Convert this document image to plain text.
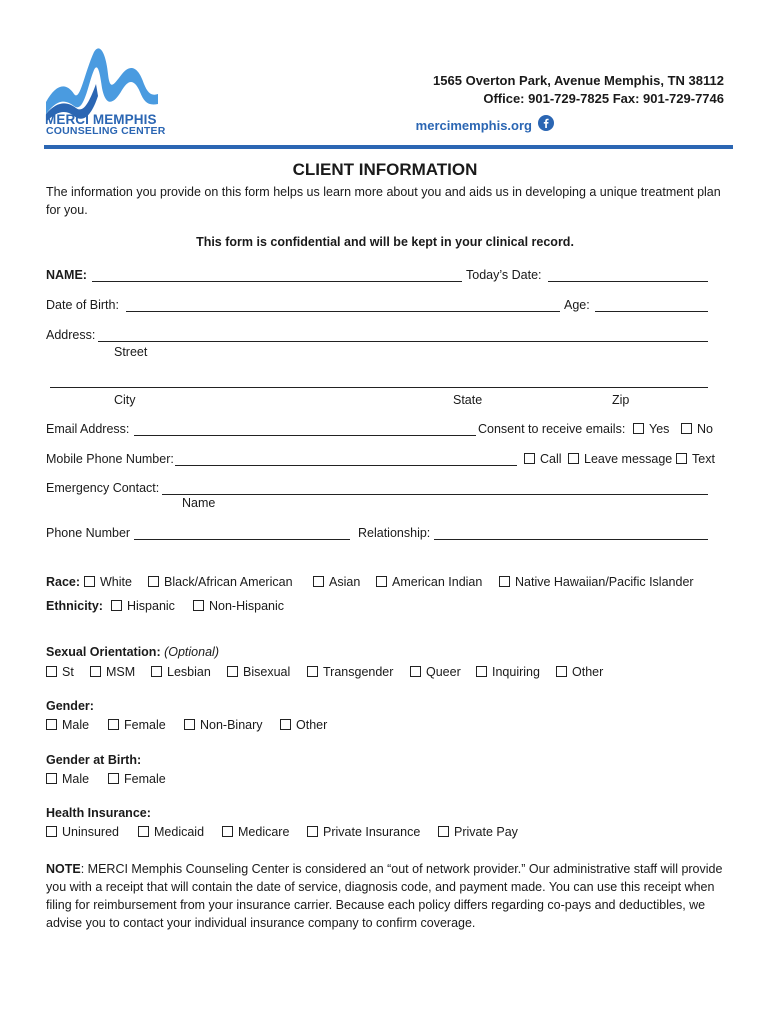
MERCI MEMPHIS
COUNSELING CENTER
1565 Overton Park, Avenue Memphis, TN 38112
Office: 901-729-7825 Fax: 901-729-7746
mercimemphis.org
CLIENT INFORMATION
The information you provide on this form helps us learn more about you and aids us in developing a unique treatment plan for you.
This form is confidential and will be kept in your clinical record.
NAME:	Today’s Date:
Date of Birth:	Age:
Address:
Street
City	State	Zip
Email Address:	Consent to receive emails:	Yes	No
Mobile Phone Number:	Call	Leave message	Text
Emergency Contact:
Name
Phone Number	Relationship:
Race:	White	Black/African American	Asian	American Indian	Native Hawaiian/Pacific Islander
Ethnicity:	Hispanic	Non-Hispanic
Sexual Orientation: (Optional)
St	MSM	Lesbian	Bisexual	Transgender	Queer	Inquiring	Other
Gender:
Male	Female	Non-Binary	Other
Gender at Birth:
Male	Female
Health Insurance:
Uninsured	Medicaid	Medicare	Private Insurance	Private Pay
NOTE: MERCI Memphis Counseling Center is considered an “out of network provider.” Our administrative staff will provide you with a receipt that will contain the date of service, diagnosis code, and payment made. You can use this receipt when filing for reimbursement from your insurance carrier. Because each policy differs regarding co-pays and deductibles, we advise you to contact your individual insurance company to confirm coverage.
